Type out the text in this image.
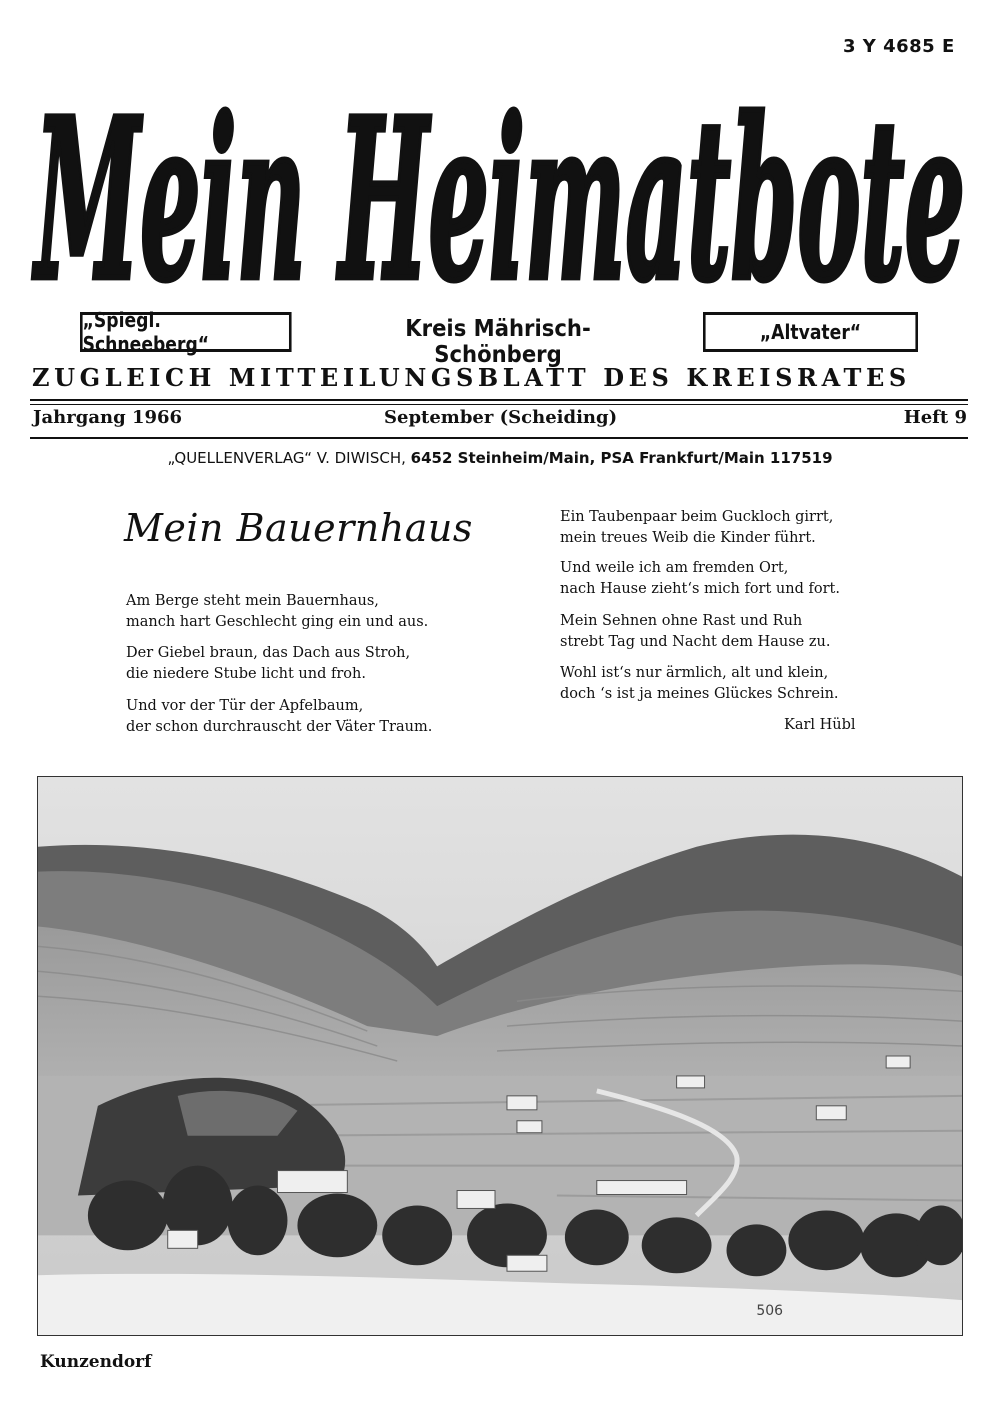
3 Y 4685 E
Mein Heimatbote
„Spiegl. Schneeberg“
Kreis Mährisch-Schönberg
„Altvater“
ZUGLEICH MITTEILUNGSBLATT DES KREISRATES
Jahrgang 1966	September (Scheiding)	Heft 9
„QUELLENVERLAG“ V. DIWISCH, 6452 Steinheim/Main, PSA Frankfurt/Main 117519
Mein Bauernhaus
Am Berge steht mein Bauernhaus,
manch hart Geschlecht ging ein und aus.
Der Giebel braun, das Dach aus Stroh,
die niedere Stube licht und froh.
Und vor der Tür der Apfelbaum,
der schon durchrauscht der Väter Traum.
Ein Taubenpaar beim Guckloch girrt,
mein treues Weib die Kinder führt.
Und weile ich am fremden Ort,
nach Hause zieht‘s mich fort und fort.
Mein Sehnen ohne Rast und Ruh
strebt Tag und Nacht dem Hause zu.
Wohl ist‘s nur ärmlich, alt und klein,
doch ‘s ist ja meines Glückes Schrein.
Karl Hübl
506
Kunzendorf
